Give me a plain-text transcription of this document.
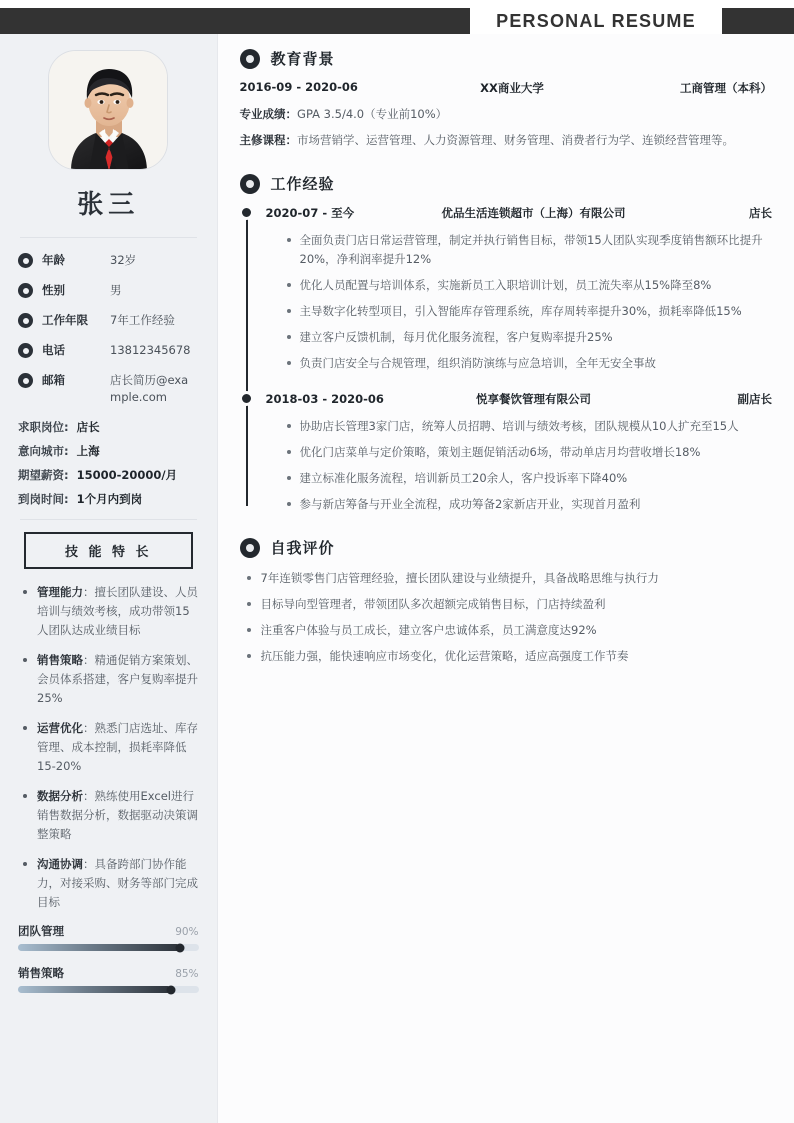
PERSONAL RESUME
张三
年龄	32岁
性别	男
工作年限	7年工作经验
电话	13812345678
邮箱	店长简历@example.com
求职岗位: 店长
意向城市: 上海
期望薪资: 15000-20000/月
到岗时间: 1个月内到岗
技 能 特 长
管理能力：擅长团队建设、人员培训与绩效考核，成功带领15人团队达成业绩目标
销售策略：精通促销方案策划、会员体系搭建，客户复购率提升25%
运营优化：熟悉门店选址、库存管理、成本控制，损耗率降低15-20%
数据分析：熟练使用Excel进行销售数据分析，数据驱动决策调整策略
沟通协调：具备跨部门协作能力，对接采购、财务等部门完成目标
团队管理	90%
销售策略	85%
教育背景
2016-09 - 2020-06	XX商业大学	工商管理（本科）
专业成绩：GPA 3.5/4.0（专业前10%）
主修课程：市场营销学、运营管理、人力资源管理、财务管理、消费者行为学、连锁经营管理等。
工作经验
2020-07 - 至今	优品生活连锁超市（上海）有限公司	店长
全面负责门店日常运营管理，制定并执行销售目标，带领15人团队实现季度销售额环比提升20%，净利润率提升12%
优化人员配置与培训体系，实施新员工入职培训计划，员工流失率从15%降至8%
主导数字化转型项目，引入智能库存管理系统，库存周转率提升30%，损耗率降低15%
建立客户反馈机制，每月优化服务流程，客户复购率提升25%
负责门店安全与合规管理，组织消防演练与应急培训，全年无安全事故
2018-03 - 2020-06	悦享餐饮管理有限公司	副店长
协助店长管理3家门店，统筹人员招聘、培训与绩效考核，团队规模从10人扩充至15人
优化门店菜单与定价策略，策划主题促销活动6场，带动单店月均营收增长18%
建立标准化服务流程，培训新员工20余人，客户投诉率下降40%
参与新店筹备与开业全流程，成功筹备2家新店开业，实现首月盈利
自我评价
7年连锁零售门店管理经验，擅长团队建设与业绩提升，具备战略思维与执行力
目标导向型管理者，带领团队多次超额完成销售目标，门店持续盈利
注重客户体验与员工成长，建立客户忠诚体系，员工满意度达92%
抗压能力强，能快速响应市场变化，优化运营策略，适应高强度工作节奏
